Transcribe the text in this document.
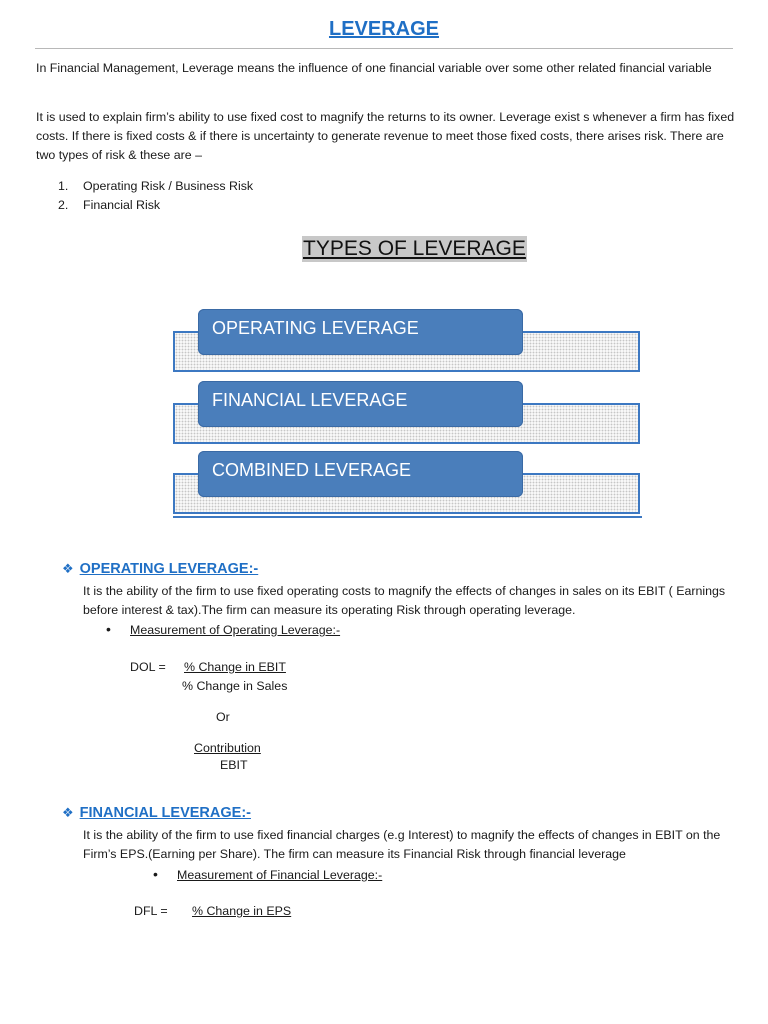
LEVERAGE
In Financial Management, Leverage means the influence of one financial variable over some other related financial variable
It is used to explain firm’s ability to use fixed cost to magnify the returns to its owner. Leverage exist s whenever a firm has fixed costs. If there is fixed costs & if there is uncertainty to generate revenue to meet those fixed costs, there arises risk. There are two types of risk & these are –
1.	Operating Risk / Business Risk
2.	Financial Risk
TYPES OF LEVERAGE
OPERATING LEVERAGE
FINANCIAL LEVERAGE
COMBINED LEVERAGE
❖ OPERATING LEVERAGE:-
It is the ability of the firm to use fixed operating costs to magnify the effects of changes in sales on its EBIT ( Earnings before interest & tax).The firm can measure its operating Risk through operating leverage.
• Measurement of Operating Leverage:-
DOL = % Change in EBIT
% Change in Sales
Or
Contribution
EBIT
❖ FINANCIAL LEVERAGE:-
It is the ability of the firm to use fixed financial charges (e.g Interest) to magnify the effects of changes in EBIT on the Firm’s EPS.(Earning per Share). The firm can measure its Financial Risk through financial leverage
• Measurement of Financial Leverage:-
DFL = % Change in EPS
